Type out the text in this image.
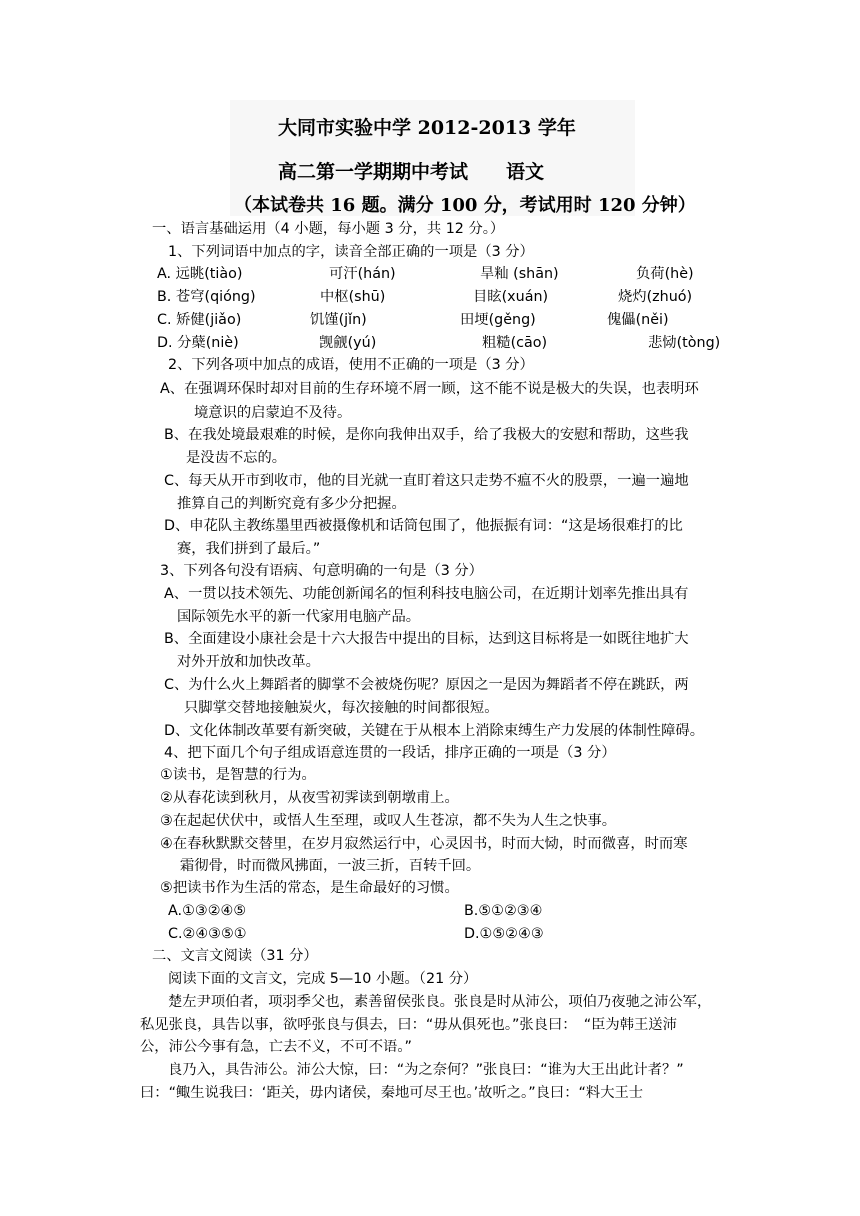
大同市实验中学 2012-2013 学年
高二第一学期期中考试　　语文
（本试卷共 16 题。满分 100 分，考试用时 120 分钟）
一、语言基础运用（4 小题，每小题 3 分，共 12 分。）
1、下列词语中加点的字，读音全部正确的一项是（3 分）
A. 远眺(tiào)	可汗(hán)	旱籼 (shān)	负荷(hè)
B. 苍穹(qióng)	中枢(shū)	目眩(xuán)	烧灼(zhuó)
C. 矫健(jiǎo)	饥馑(jǐn)	田埂(gěng)	傀儡(něi)
D. 分蘖(niè)	觊觎(yú)	粗糙(cāo)	悲恸(tòng)
2、下列各项中加点的成语，使用不正确的一项是（3 分）
A、在强调环保时却对目前的生存环境不屑一顾，这不能不说是极大的失误，也表明环
境意识的启蒙迫不及待。
B、在我处境最艰难的时候，是你向我伸出双手，给了我极大的安慰和帮助，这些我
是没齿不忘的。
C、每天从开市到收市，他的目光就一直盯着这只走势不瘟不火的股票，一遍一遍地
推算自己的判断究竟有多少分把握。
D、申花队主教练墨里西被摄像机和话筒包围了，他振振有词：“这是场很难打的比
赛，我们拼到了最后。”
3、下列各句没有语病、句意明确的一句是（3 分）
A、一贯以技术领先、功能创新闻名的恒利科技电脑公司，在近期计划率先推出具有
国际领先水平的新一代家用电脑产品。
B、全面建设小康社会是十六大报告中提出的目标，达到这目标将是一如既往地扩大
对外开放和加快改革。
C、为什么火上舞蹈者的脚掌不会被烧伤呢？原因之一是因为舞蹈者不停在跳跃，两
只脚掌交替地接触炭火，每次接触的时间都很短。
D、文化体制改革要有新突破，关键在于从根本上消除束缚生产力发展的体制性障碍。
4、把下面几个句子组成语意连贯的一段话，排序正确的一项是（3 分）
①读书，是智慧的行为。
②从春花读到秋月，从夜雪初霁读到朝墩甫上。
③在起起伏伏中，或悟人生至理，或叹人生苍凉，都不失为人生之快事。
④在春秋默默交替里，在岁月寂然运行中，心灵因书，时而大恸，时而微喜，时而寒
霜彻骨，时而微风拂面，一波三折，百转千回。
⑤把读书作为生活的常态，是生命最好的习惯。
A.①③②④⑤	B.⑤①②③④
C.②④③⑤①	D.①⑤②④③
二、文言文阅读（31 分）
阅读下面的文言文，完成 5—10 小题。（21 分）
楚左尹项伯者，项羽季父也，素善留侯张良。张良是时从沛公，项伯乃夜驰之沛公军，
私见张良，具告以事，欲呼张良与俱去，曰：“毋从俱死也。”张良曰：　“臣为韩王送沛
公，沛公今事有急，亡去不义，不可不语。”
良乃入，具告沛公。沛公大惊，曰：“为之奈何？”张良曰：“谁为大王出此计者？”
曰：“鲰生说我曰：‘距关，毋内诸侯，秦地可尽王也。’故听之。”良曰：“料大王士
